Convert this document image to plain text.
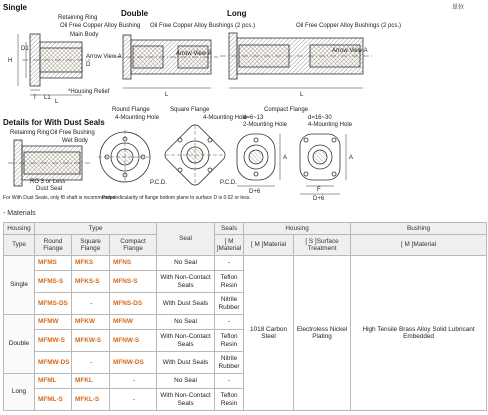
Single
Retaining Ring
Oil Free Copper Alloy Bushing
Main Body
Arrow View A
*Housing Relief
H
D1
T L1
L
D
Double
Oil Free Copper Alloy Bushings (2 pcs.)
Arrow View A
L
Long
単位
Oil Free Copper Alloy Bushings (2 pcs.)
Arrow View A
L
Details for With Dust Seals
Retaining Ring Oil Free Bushing
Wet Body
RO 3 or Less
Dust Seal
For With Dust Seals, only f8 shaft is recommended.
Round Flange
4-Mounting Hole
P.C.D.
Square Flange
4-Mounting Hole
P.C.D.
Compact Flange
d=6~13
2-Mounting Hole
d=16~30
4-Mounting Hole
D+6
A
F
D+6
A
Perpendicularity of flange bottom plane to surface D is 0.02 or less.
- Materials
Housing	Type			Seal	Seals	Housing		Bushing
Type	Round Flange	Square Flange	Compact Flange		[ M ]Material	[ M ]Material	[ S ]Surface Treatment	[ M ]Material
Single	MFMS	MFKS	MFNS	No Seal	-	1018 Carbon Steel	Electroless Nickel Plating	High Tensile Brass Alloy Solid Lubricant Embedded
	MFMS-S	MFKS-S	MFNS-S	With Non-Contact Seals	Teflon Resin			
	MFMS-DS	-	MFNS-DS	With Dust Seals	Nitrile Rubber			
Double	MFMW	MFKW	MFNW	No Seal	-			
	MFMW-S	MFKW-S	MFNW-S	With Non-Contact Seals	Teflon Resin			
	MFMW-DS	-	MFNW-DS	With Dust Seals	Nitrile Rubber			
Long	MFML	MFKL	-	No Seal	-			
	MFML-S	MFKL-S	-	With Non-Contact Seals	Teflon Resin			
